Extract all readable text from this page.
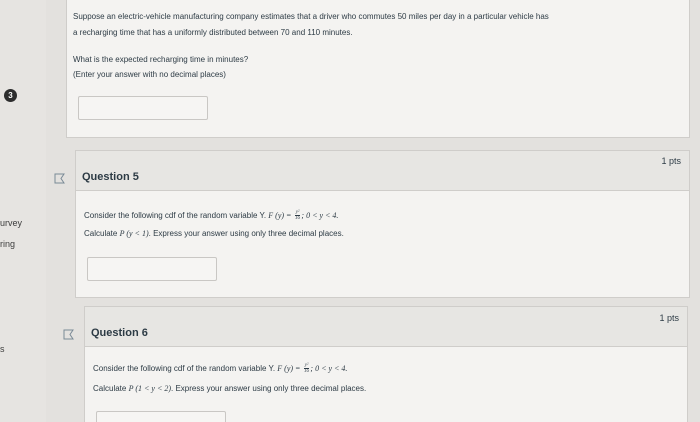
3
urvey
ring
s
Suppose an electric-vehicle manufacturing company estimates that a driver who commutes 50 miles per day in a particular vehicle has
a recharging time that has a uniformly distributed between 70 and 110 minutes.
What is the expected recharging time in minutes?
(Enter your answer with no decimal places)
Question 5
1 pts
Consider the following cdf of the random variable Y. F $(y) = \frac{\text{y²}}{16}$ ; 0 < y < 4.
Calculate P (y < 1). Express your answer using only three decimal places.
Question 6
1 pts
Consider the following cdf of the random variable Y. F $(y) = \frac{\text{y²}}{16}$ ; 0 < y < 4.
Calculate P (1 < y < 2). Express your answer using only three decimal places.
